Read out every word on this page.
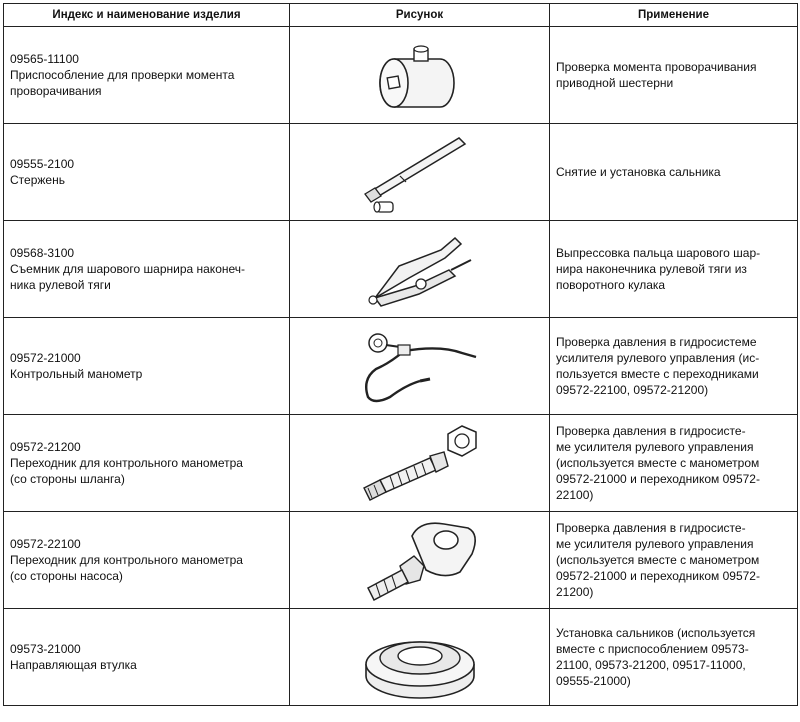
Индекс и наименование изделия	Рисунок	Применение

09565-11100
Приспособление для проверки момента
проворачивания		Проверка момента проворачивания
приводной шестерни

09555-2100
Стержень		Снятие и установка сальника

09568-3100
Съемник для шарового шарнира наконеч-
ника рулевой тяги		Выпрессовка пальца шарового шар-
нира наконечника рулевой тяги из
поворотного кулака

09572-21000
Контрольный манометр		Проверка давления в гидросистеме
усилителя рулевого управления (ис-
пользуется вместе с переходниками
09572-22100, 09572-21200)

09572-21200
Переходник для контрольного манометра
(со стороны шланга)		Проверка давления в гидросисте-
ме усилителя рулевого управления
(используется вместе с манометром
09572-21000 и переходником 09572-
22100)

09572-22100
Переходник для контрольного манометра
(со стороны насоса)		Проверка давления в гидросисте-
ме усилителя рулевого управления
(используется вместе с манометром
09572-21000 и переходником 09572-
21200)

09573-21000
Направляющая втулка		Установка сальников (используется
вместе с приспособлением 09573-
21100, 09573-21200, 09517-11000,
09555-21000)
